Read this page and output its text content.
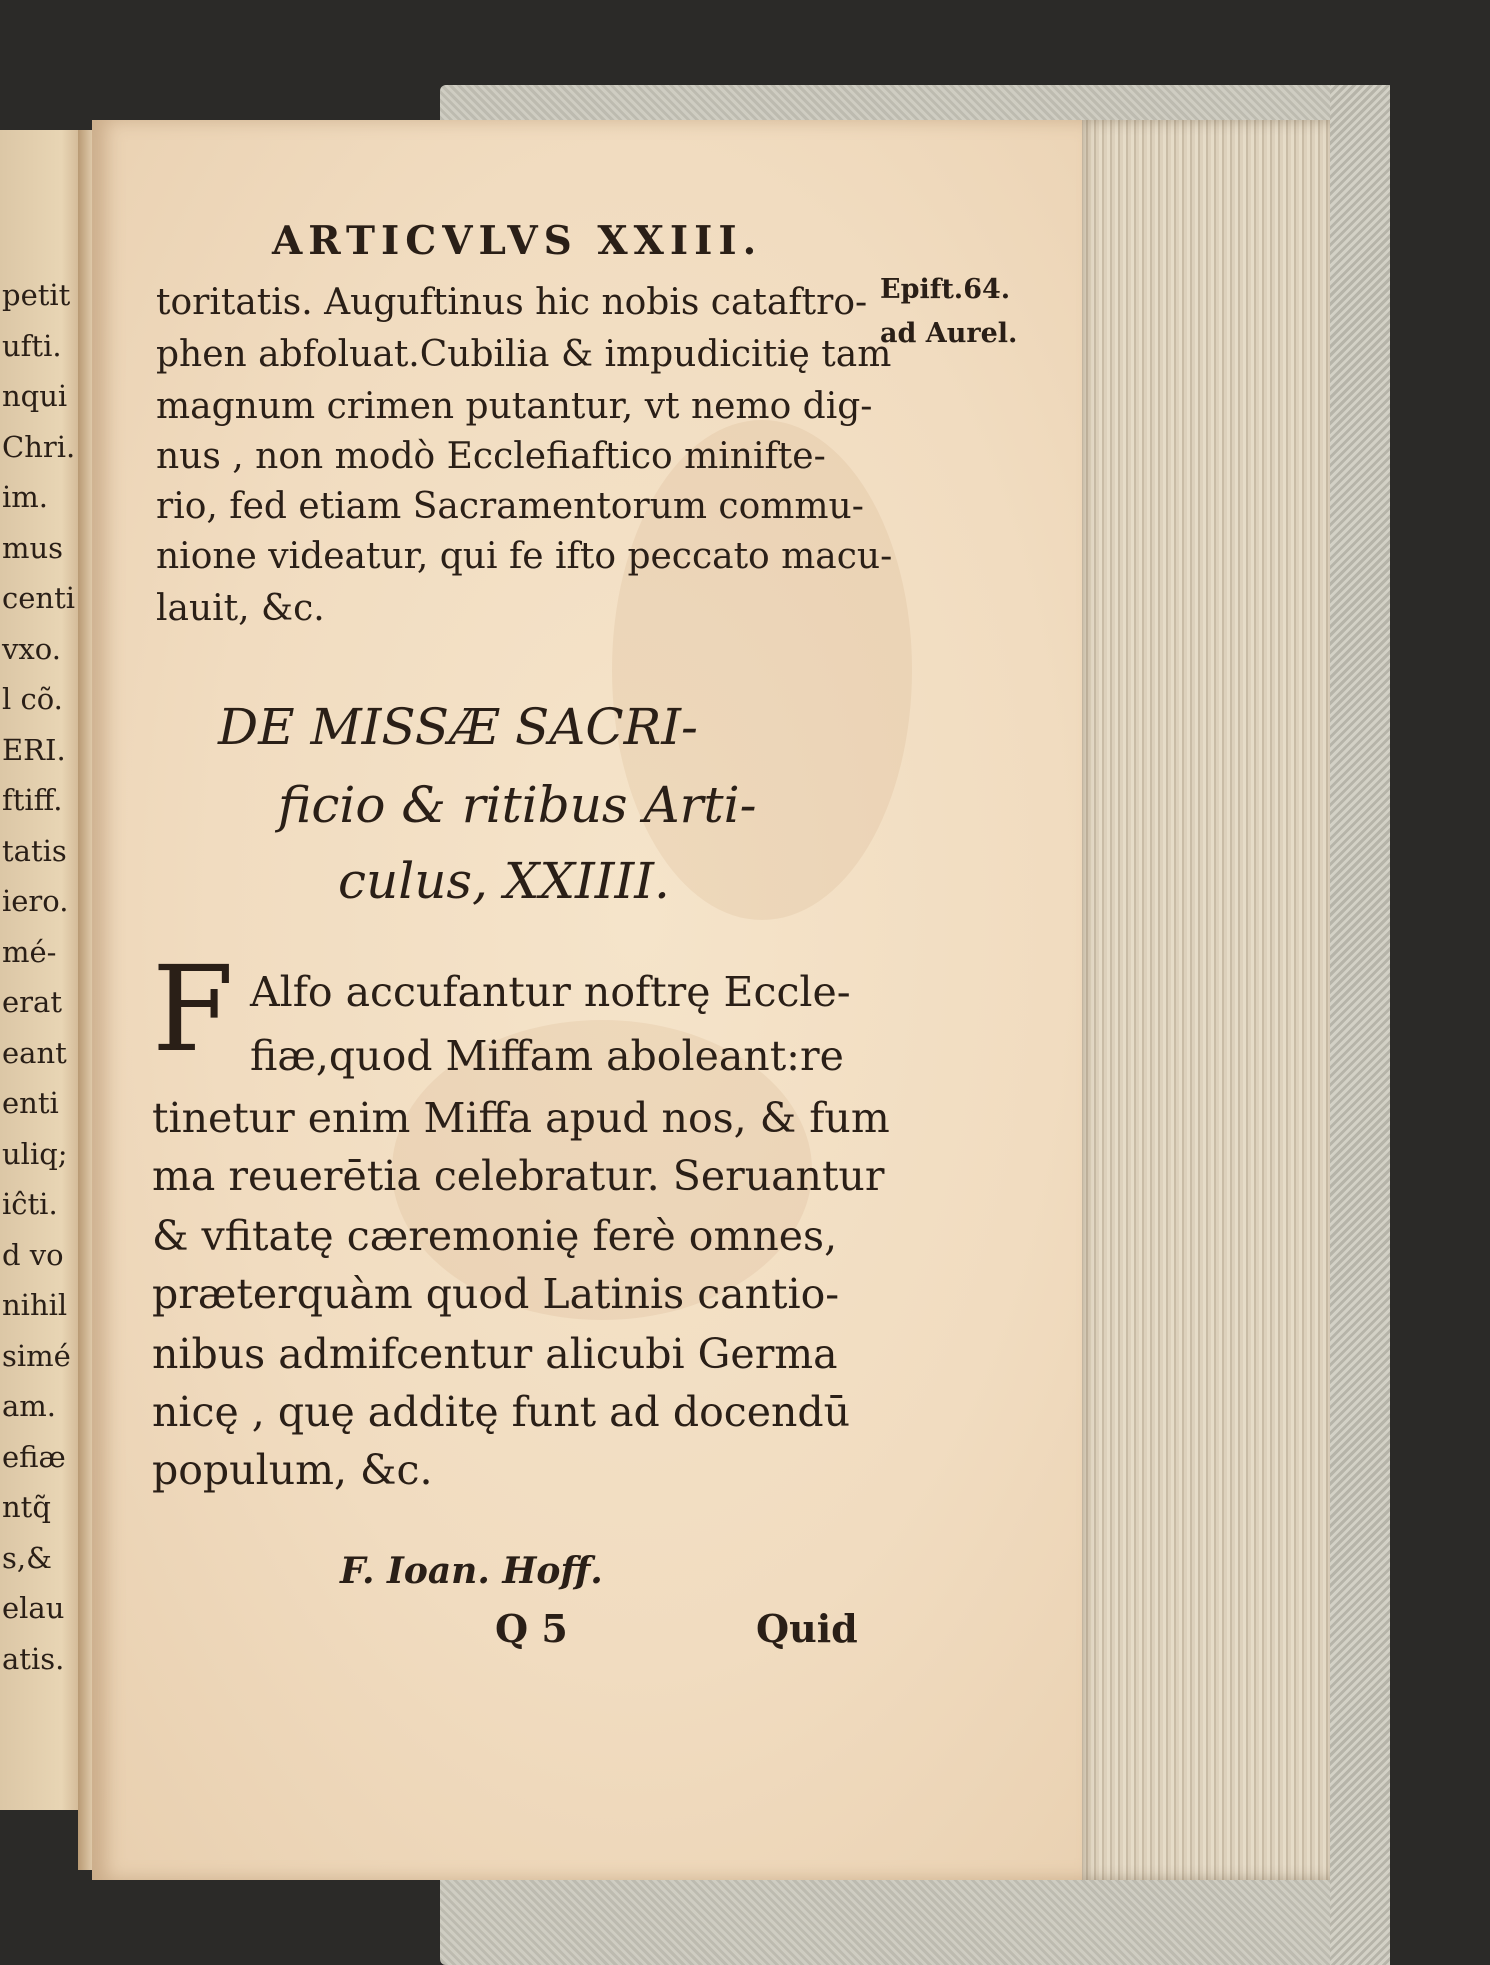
petit
ufti.
nqui
Chri.
im.
mus
centi
vxo.
l cõ.
ERI.
ftiff.
tatis
iero.
mé-
erat
eant
enti
uliq;
iĉti.
d vo
nihil
simé
am.
efiæ
ntq̃
s,&
elau
atis.
ARTICVLVS XXIII.
Epift.64.
ad Aurel.
toritatis. Auguftinus hic nobis cataftro-
phen abfoluat.Cubilia & impudicitię tam
magnum crimen putantur, vt nemo dig-
nus , non modò Ecclefiaftico minifte-
rio, fed etiam Sacramentorum commu-
nione videatur, qui fe ifto peccato macu-
lauit, &c.
DE MISSÆ SACRI-
ficio & ritibus Arti-
culus, XXIIII.
F Alfo accufantur noftrę Eccle-
fiæ,quod Miffam aboleant:re
tinetur enim Miffa apud nos, & fum
ma reuerētia celebratur. Seruantur
& vfitatę cæremonię ferè omnes,
præterquàm quod Latinis cantio-
nibus admifcentur alicubi Germa
nicę , quę additę funt ad docendū
populum, &c.
F. Ioan. Hoff.
Q 5	Quid
